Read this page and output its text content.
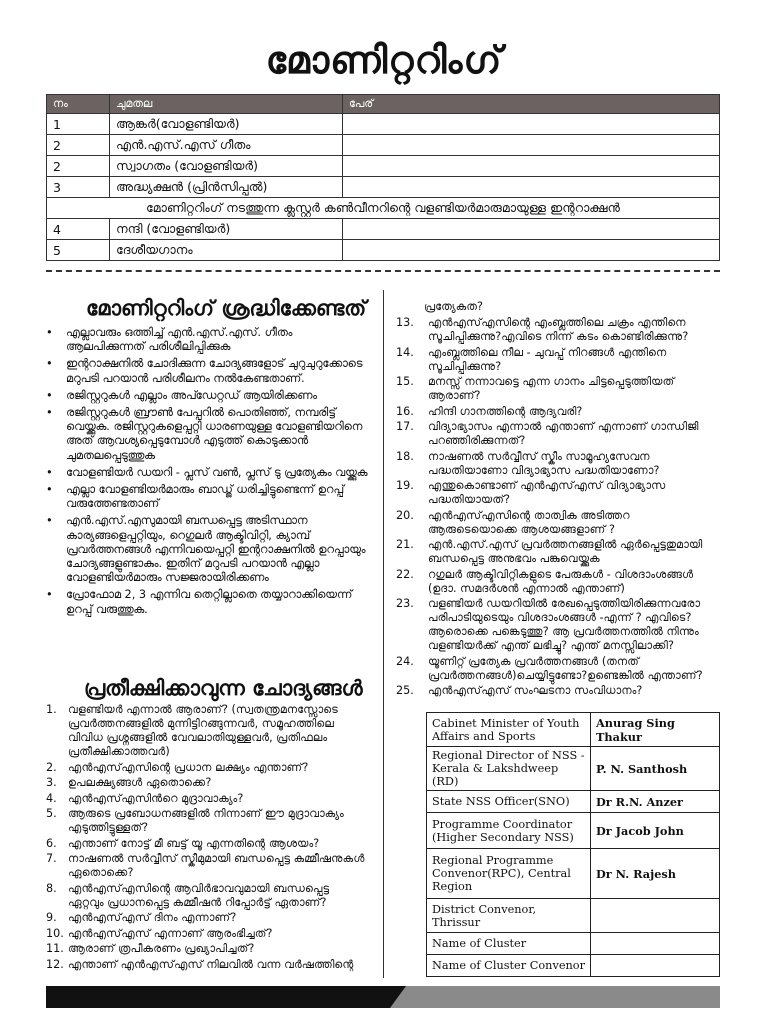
മോണിറ്ററിംഗ്
നം	ചുമതല	പേര്
1	ആങ്കർ(വോളണ്ടിയർ)	
2	എൻ.എസ്.എസ് ഗീതം	
2	സ്വാഗതം (വോളണ്ടിയർ)	
3	അദ്ധ്യക്ഷൻ (പ്രിൻസിപ്പൽ)	
മോണിറ്ററിംഗ് നടത്തുന്ന ക്ലസ്റ്റർ കൺവീനറിന്റെ വളണ്ടിയർമാരുമായുള്ള ഇന്ററാക്ഷൻ		
4	നന്ദി (വോളണ്ടിയർ)	
5	ദേശീയഗാനം	
മോണിറ്ററിംഗ് ശ്രദ്ധിക്കേണ്ടത്
• എല്ലാവരും ഒത്തിച്ച് എൻ.എസ്.എസ്. ഗീതം ആലപിക്കുന്നത് പരിശീലിപ്പിക്കുക
• ഇന്ററാക്ഷനിൽ ചോദിക്കുന്ന ചോദ്യങ്ങളോട് ചുറുചുറുക്കോടെ മറുപടി പറയാൻ പരിശീലനം നൽകേണ്ടതാണ്.
• രജിസ്റ്ററുകൾ എല്ലാം അപ്ഡേറ്റഡ് ആയിരിക്കണം
• രജിസ്റ്ററുകൾ ബ്രൗൺ പേപ്പറിൽ പൊതിഞ്ഞ്, നമ്പരിട്ട് വെയ്ക്കുക. രജിസ്റ്ററുകളെപ്പറ്റി ധാരണയുള്ള വോളണ്ടിയറിനെ അത് ആവശ്യപ്പെടുമ്പോൾ എടുത്ത് കൊടുക്കാൻ ചുമതലപ്പെടുത്തുക
• വോളണ്ടിയർ ഡയറി - പ്ലസ് വൺ, പ്ലസ് ടു പ്രത്യേകം വയ്ക്കുക
• എല്ലാ വോളണ്ടിയർമാരും ബാഡ്ജ് ധരിച്ചിട്ടുണ്ടെന്ന് ഉറപ്പ് വരുത്തേണ്ടതാണ്
• എൻ.എസ്.എസുമായി ബന്ധപ്പെട്ട അടിസ്ഥാന കാര്യങ്ങളെപ്പറ്റിയും, റെഗുലർ ആക്ടിവിറ്റി, ക്യാമ്പ് പ്രവർത്തനങ്ങൾ എന്നിവയെപ്പറ്റി ഇന്ററാക്ഷനിൽ ഉറപ്പായും ചോദ്യങ്ങളുണ്ടാകും. ഇതിന് മറുപടി പറയാൻ എല്ലാ വോളണ്ടിയർമാരും സജ്ജരായിരിക്കണം
• പ്രോഫോമ 2, 3 എന്നിവ തെറ്റില്ലാതെ തയ്യാറാക്കിയെന്ന് ഉറപ്പ് വരുത്തുക.
പ്രതീക്ഷിക്കാവുന്ന ചോദ്യങ്ങൾ
1. വളണ്ടിയർ എന്നാൽ ആരാണ്? (സ്വതന്ത്രമനസ്സോടെ പ്രവർത്തനങ്ങളിൽ മുന്നിട്ടിറങ്ങുന്നവർ, സമൂഹത്തിലെ വിവിധ പ്രശ്നങ്ങളിൽ വേവലാതിയുള്ളവർ, പ്രതിഫലം പ്രതീക്ഷിക്കാത്തവർ)
2. എൻഎസ്എസിന്റെ പ്രധാന ലക്ഷ്യം എന്താണ്?
3. ഉപലക്ഷ്യങ്ങൾ ഏതൊക്കെ?
4. എൻഎസ്എസിൻറെ മുദ്രാവാക്യം?
5. ആരുടെ പ്രബോധനങ്ങളിൽ നിന്നാണ് ഈ മുദ്രാവാക്യം എടുത്തിട്ടുള്ളത്?
6. എന്താണ് നോട്ട് മീ ബട്ട് യൂ എന്നതിന്റെ ആശയം?
7. നാഷണൽ സർവ്വീസ് സ്കീമുമായി ബന്ധപ്പെട്ട കമ്മീഷനുകൾ ഏതൊക്കെ?
8. എൻഎസ്എസിന്റെ ആവിർഭാവവുമായി ബന്ധപ്പെട്ട ഏറ്റവും പ്രധാനപ്പെട്ട കമ്മീഷൻ റിപ്പോർട്ട് ഏതാണ്?
9. എൻഎസ്എസ് ദിനം എന്നാണ്?
10. എൻഎസ്എസ് എന്നാണ് ആരംഭിച്ചത്?
11. ആരാണ് ത്രപീകരണം പ്രഖ്യാപിച്ചത്?
12. എന്താണ് എൻഎസ്എസ് നിലവിൽ വന്ന വർഷത്തിന്റെ
പ്രത്യേകത?
13. എൻഎസ്എസിന്റെ എംബ്ലത്തിലെ ചക്രം എന്തിനെ സൂചിപ്പിക്കുന്നു?എവിടെ നിന്ന് കടം കൊണ്ടിരിക്കുന്നു?
14. എംബ്ലത്തിലെ നീല - ചുവപ്പ് നിറങ്ങൾ എന്തിനെ സൂചിപ്പിക്കുന്നു?
15. മനസ്സ് നന്നാവട്ടെ എന്ന ഗാനം ചിട്ടപ്പെടുത്തിയത് ആരാണ്?
16. ഹിന്ദി ഗാനത്തിന്റെ ആദ്യവരി?
17. വിദ്യാഭ്യാസം എന്നാൽ എന്താണ് എന്നാണ് ഗാന്ധിജി പറഞ്ഞിരിക്കുന്നത്?
18. നാഷണൽ സർവ്വീസ് സ്കീം സാമൂഹ്യസേവന പദ്ധതിയാണോ വിദ്യാഭ്യാസ പദ്ധതിയാണോ?
19. എന്തുകൊണ്ടാണ് എൻഎസ്എസ് വിദ്യാഭ്യാസ പദ്ധതിയായത്?
20. എൻഎസ്എസിന്റെ താത്വിക അടിത്തറ ആരുടെയൊക്കെ ആശയങ്ങളാണ് ?
21. എൻ.എസ്.എസ് പ്രവർത്തനങ്ങളിൽ ഏർപ്പെട്ടതുമായി ബന്ധപ്പെട്ട അനുഭവം പങ്കുവെയ്ക്കുക
22. റഗുലർ ആക്ടിവിറ്റികളുടെ പേരുകൾ - വിശദാംശങ്ങൾ (ഉദാ. സമദർശൻ എന്നാൽ എന്താണ്)
23. വളണ്ടിയർ ഡയറിയിൽ രേഖപ്പെടുത്തിയിരിക്കുന്നവരോ പരിപാടിയുടെയും വിശദാംശങ്ങൾ -എന്ന് ? എവിടെ?ആരൊക്കെ പങ്കെടുത്തു? ആ പ്രവർത്തനത്തിൽ നിന്നും വളണ്ടിയർക്ക് എന്ത് ലഭിച്ചു? എന്ത് മനസ്സിലാക്കി?
24. യൂണിറ്റ് പ്രത്യേക പ്രവർത്തനങ്ങൾ (തനത് പ്രവർത്തനങ്ങൾ)ചെയ്യിട്ടുണ്ടോ?ഉണ്ടെങ്കിൽ എന്താണ്?
25. എൻഎസ്എസ് സംഘടനാ സംവിധാനം?
Cabinet Minister of Youth Affairs and Sports	Anurag Sing Thakur
Regional Director of NSS - Kerala & Lakshdweep (RD)	P. N. Santhosh
State NSS Officer(SNO)	Dr R.N. Anzer
Programme Coordinator (Higher Secondary NSS)	Dr Jacob John
Regional Programme Convenor(RPC), Central Region	Dr N. Rajesh
District Convenor, Thrissur	
Name of Cluster	
Name of Cluster Convenor	
